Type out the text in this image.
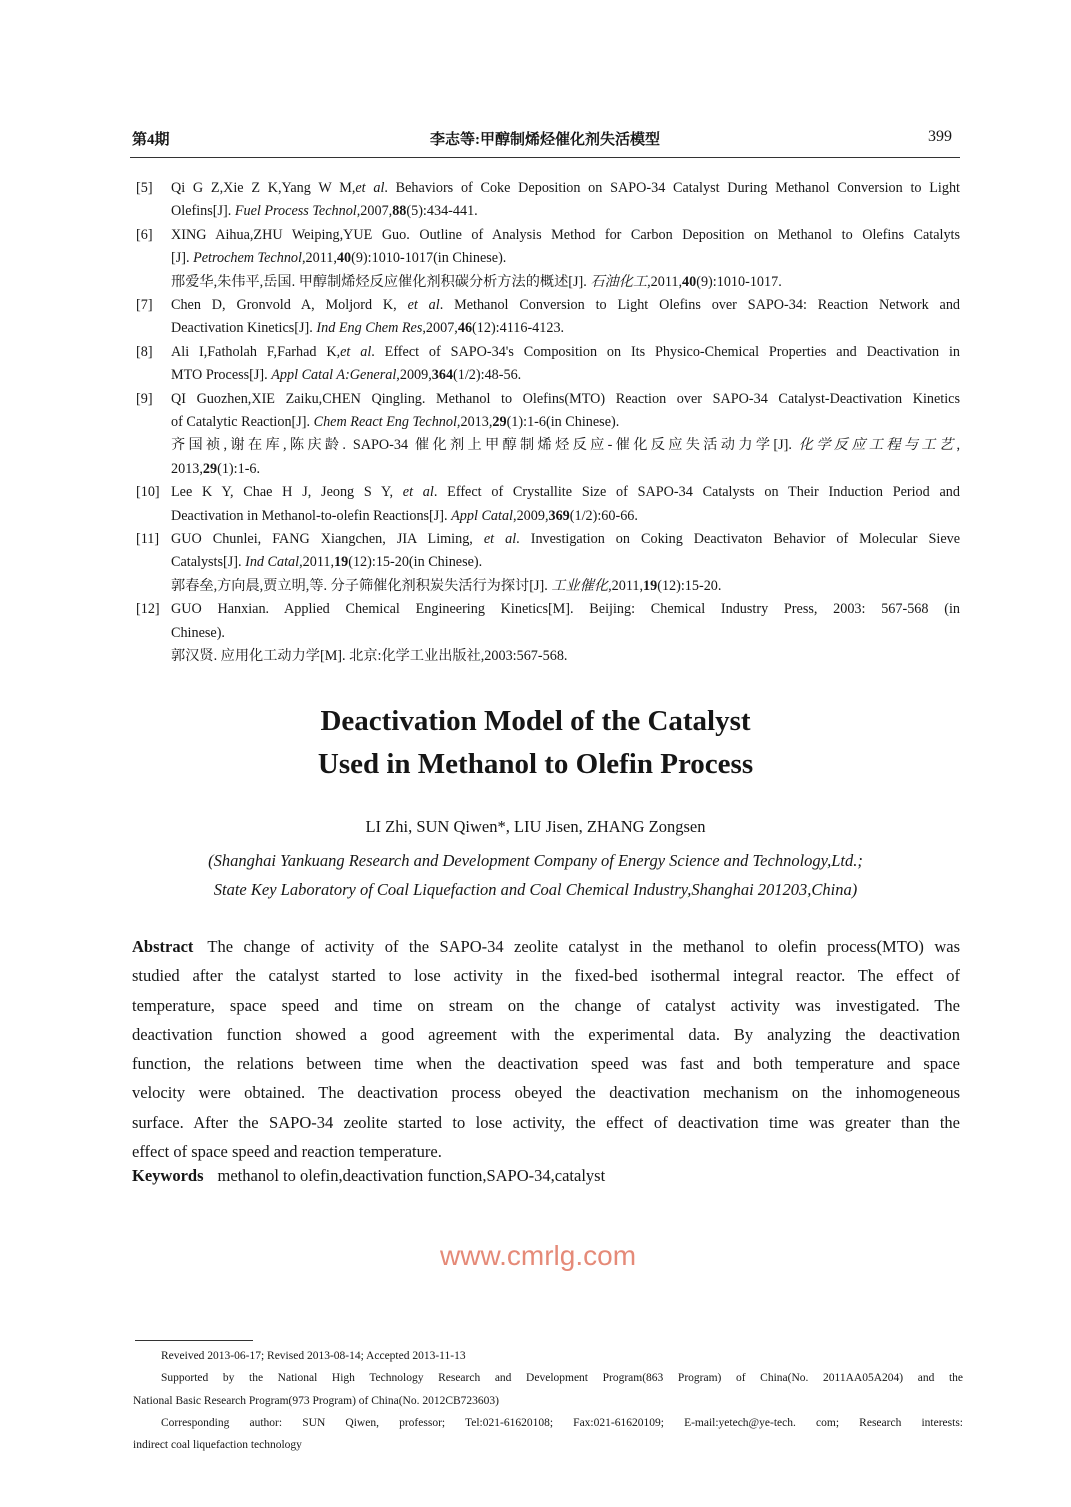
第4期	李志等:甲醇制烯烃催化剂失活模型	399
[5] Qi G Z,Xie Z K,Yang W M,et al. Behaviors of Coke Deposition on SAPO-34 Catalyst During Methanol Conversion to Light
Olefins[J]. Fuel Process Technol,2007,88(5):434-441.
[6] XING Aihua,ZHU Weiping,YUE Guo. Outline of Analysis Method for Carbon Deposition on Methanol to Olefins Catalyts
[J]. Petrochem Technol,2011,40(9):1010-1017(in Chinese).
邢爱华,朱伟平,岳国. 甲醇制烯烃反应催化剂积碳分析方法的概述[J]. 石油化工,2011,40(9):1010-1017.
[7] Chen D, Gronvold A, Moljord K, et al. Methanol Conversion to Light Olefins over SAPO-34: Reaction Network and
Deactivation Kinetics[J]. Ind Eng Chem Res,2007,46(12):4116-4123.
[8] Ali I,Fatholah F,Farhad K,et al. Effect of SAPO-34's Composition on Its Physico-Chemical Properties and Deactivation in
MTO Process[J]. Appl Catal A:General,2009,364(1/2):48-56.
[9] QI Guozhen,XIE Zaiku,CHEN Qingling. Methanol to Olefins(MTO) Reaction over SAPO-34 Catalyst-Deactivation Kinetics
of Catalytic Reaction[J]. Chem React Eng Technol,2013,29(1):1-6(in Chinese).
齐国祯,谢在库,陈庆龄. SAPO-34 催化剂上甲醇制烯烃反应-催化反应失活动力学[J]. 化学反应工程与工艺,
2013,29(1):1-6.
[10] Lee K Y, Chae H J, Jeong S Y, et al. Effect of Crystallite Size of SAPO-34 Catalysts on Their Induction Period and
Deactivation in Methanol-to-olefin Reactions[J]. Appl Catal,2009,369(1/2):60-66.
[11] GUO Chunlei, FANG Xiangchen, JIA Liming, et al. Investigation on Coking Deactivaton Behavior of Molecular Sieve
Catalysts[J]. Ind Catal,2011,19(12):15-20(in Chinese).
郭春垒,方向晨,贾立明,等. 分子筛催化剂积炭失活行为探讨[J]. 工业催化,2011,19(12):15-20.
[12] GUO Hanxian. Applied Chemical Engineering Kinetics[M]. Beijing: Chemical Industry Press, 2003: 567-568 (in
Chinese).
郭汉贤. 应用化工动力学[M]. 北京:化学工业出版社,2003:567-568.
Deactivation Model of the Catalyst
Used in Methanol to Olefin Process
LI Zhi, SUN Qiwen*, LIU Jisen, ZHANG Zongsen
(Shanghai Yankuang Research and Development Company of Energy Science and Technology,Ltd.;
State Key Laboratory of Coal Liquefaction and Coal Chemical Industry,Shanghai 201203,China)
Abstract The change of activity of the SAPO-34 zeolite catalyst in the methanol to olefin process(MTO) was
studied after the catalyst started to lose activity in the fixed-bed isothermal integral reactor. The effect of
temperature, space speed and time on stream on the change of catalyst activity was investigated. The
deactivation function showed a good agreement with the experimental data. By analyzing the deactivation
function, the relations between time when the deactivation speed was fast and both temperature and space
velocity were obtained. The deactivation process obeyed the deactivation mechanism on the inhomogeneous
surface. After the SAPO-34 zeolite started to lose activity, the effect of deactivation time was greater than the
effect of space speed and reaction temperature.
Keywords methanol to olefin,deactivation function,SAPO-34,catalyst
www.cmrlg.com
Reveived 2013-06-17; Revised 2013-08-14; Accepted 2013-11-13
Supported by the National High Technology Research and Development Program(863 Program) of China(No. 2011AA05A204) and the
National Basic Research Program(973 Program) of China(No. 2012CB723603)
Corresponding author: SUN Qiwen, professor; Tel:021-61620108; Fax:021-61620109; E-mail:yetech@ye-tech. com; Research interests:
indirect coal liquefaction technology
